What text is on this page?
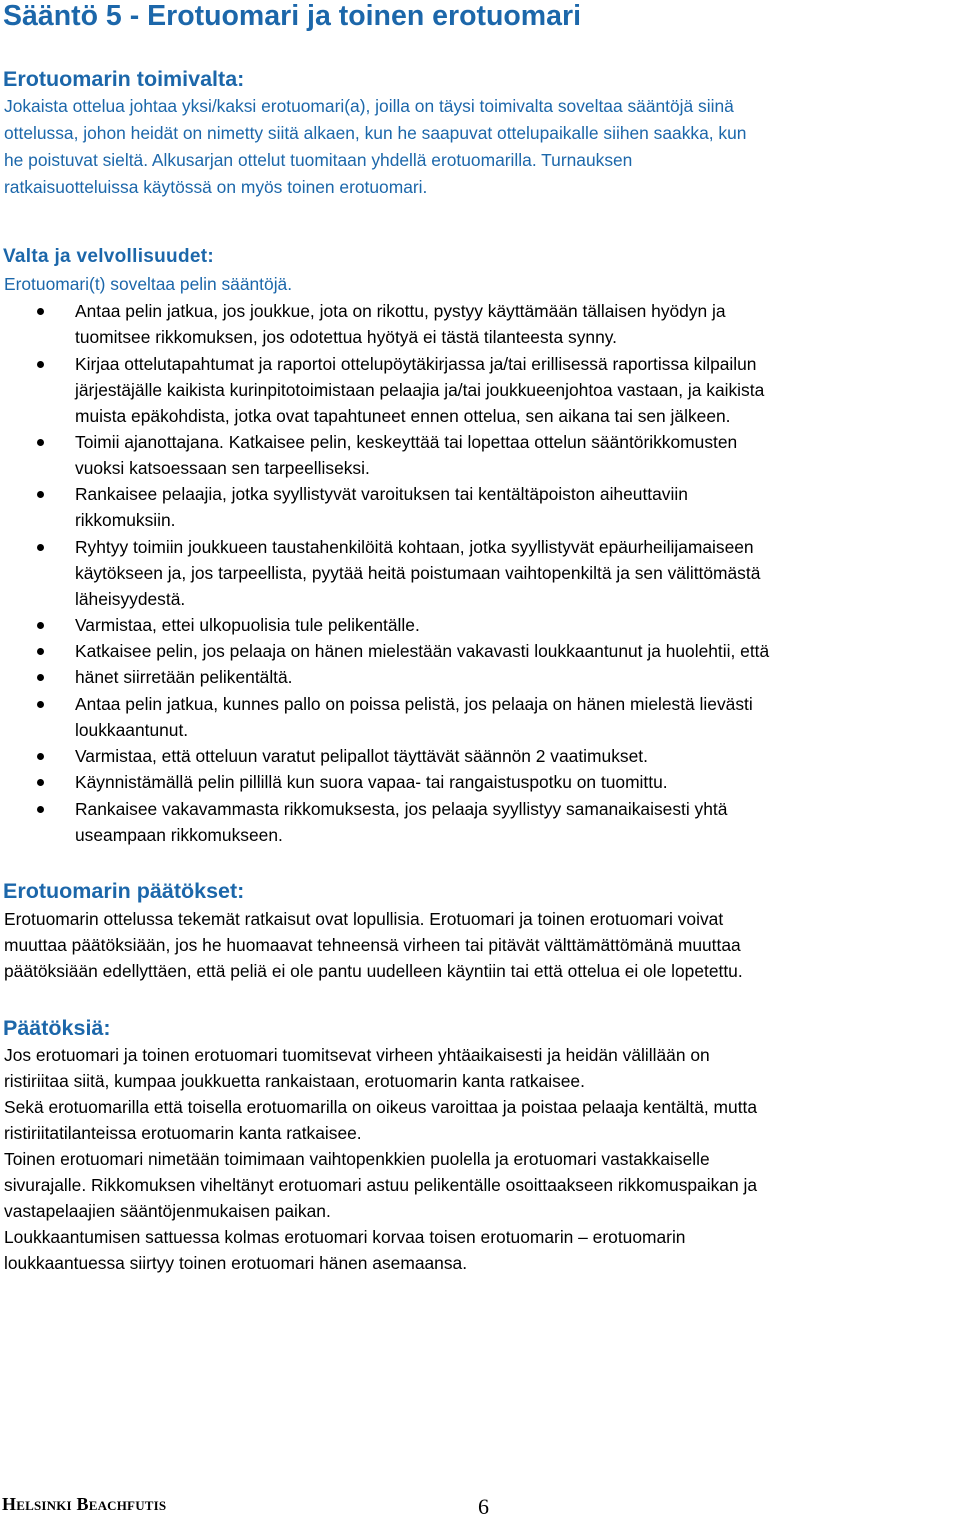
Sääntö 5 - Erotuomari ja toinen erotuomari
Erotuomarin toimivalta:

Jokaista ottelua johtaa yksi/kaksi erotuomari(a), joilla on täysi toimivalta soveltaa sääntöjä siinä

ottelussa, johon heidät on nimetty siitä alkaen, kun he saapuvat ottelupaikalle siihen saakka, kun

he poistuvat sieltä. Alkusarjan ottelut tuomitaan yhdellä erotuomarilla. Turnauksen

ratkaisuotteluissa käytössä on myös toinen erotuomari.

Valta ja velvollisuudet:

Erotuomari(t) soveltaa pelin sääntöjä.

Antaa pelin jatkua, jos joukkue, jota on rikottu, pystyy käyttämään tällaisen hyödyn ja

tuomitsee rikkomuksen, jos odotettua hyötyä ei tästä tilanteesta synny.

Kirjaa ottelutapahtumat ja raportoi ottelupöytäkirjassa ja/tai erillisessä raportissa kilpailun

järjestäjälle kaikista kurinpitotoimistaan pelaajia ja/tai joukkueenjohtoa vastaan, ja kaikista

muista epäkohdista, jotka ovat tapahtuneet ennen ottelua, sen aikana tai sen jälkeen.

Toimii ajanottajana. Katkaisee pelin, keskeyttää tai lopettaa ottelun sääntörikkomusten

vuoksi katsoessaan sen tarpeelliseksi.

Rankaisee pelaajia, jotka syyllistyvät varoituksen tai kentältäpoiston aiheuttaviin

rikkomuksiin.

Ryhtyy toimiin joukkueen taustahenkilöitä kohtaan, jotka syyllistyvät epäurheilijamaiseen

käytökseen ja, jos tarpeellista, pyytää heitä poistumaan vaihtopenkiltä ja sen välittömästä

läheisyydestä.

Varmistaa, ettei ulkopuolisia tule pelikentälle.

Katkaisee pelin, jos pelaaja on hänen mielestään vakavasti loukkaantunut ja huolehtii, että

hänet siirretään pelikentältä.

Antaa pelin jatkua, kunnes pallo on poissa pelistä, jos pelaaja on hänen mielestä lievästi

loukkaantunut.

Varmistaa, että otteluun varatut pelipallot täyttävät säännön 2 vaatimukset.

Käynnistämällä pelin pillillä kun suora vapaa- tai rangaistuspotku on tuomittu.

Rankaisee vakavammasta rikkomuksesta, jos pelaaja syyllistyy samanaikaisesti yhtä

useampaan rikkomukseen.

Erotuomarin päätökset:

Erotuomarin ottelussa tekemät ratkaisut ovat lopullisia. Erotuomari ja toinen erotuomari voivat

muuttaa päätöksiään, jos he huomaavat tehneensä virheen tai pitävät välttämättömänä muuttaa

päätöksiään edellyttäen, että peliä ei ole pantu uudelleen käyntiin tai että ottelua ei ole lopetettu.

Päätöksiä:

Jos erotuomari ja toinen erotuomari tuomitsevat virheen yhtäaikaisesti ja heidän välillään on

ristiriitaa siitä, kumpaa joukkuetta rankaistaan, erotuomarin kanta ratkaisee.

Sekä erotuomarilla että toisella erotuomarilla on oikeus varoittaa ja poistaa pelaaja kentältä, mutta

ristiriitatilanteissa erotuomarin kanta ratkaisee.

Toinen erotuomari nimetään toimimaan vaihtopenkkien puolella ja erotuomari vastakkaiselle

sivurajalle. Rikkomuksen viheltänyt erotuomari astuu pelikentälle osoittaakseen rikkomuspaikan ja

vastapelaajien sääntöjenmukaisen paikan.

Loukkaantumisen sattuessa kolmas erotuomari korvaa toisen erotuomarin – erotuomarin

loukkaantuessa siirtyy toinen erotuomari hänen asemaansa.

Helsinki Beachfutis	6
